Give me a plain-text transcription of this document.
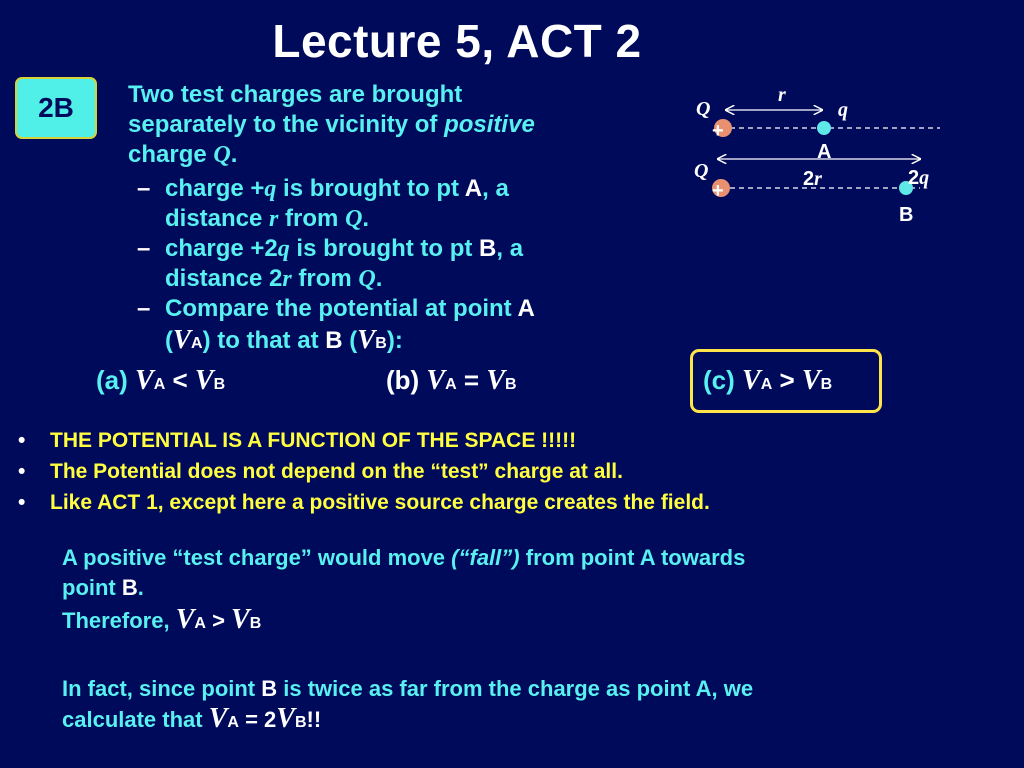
Lecture 5, ACT 2
2B	Two test charges are brought
separately to the vicinity of positive
charge Q.
– charge +q is brought to pt A, a
distance r from Q.
– charge +2q is brought to pt B, a
distance 2r from Q.
– Compare the potential at point A
(VA) to that at B (VB):
(a) VA < VB	(b) VA = VB	(c) VA > VB
r
Q	q
+
A
Q	2r	2q
+
B
• THE POTENTIAL IS A FUNCTION OF THE SPACE !!!!!
• The Potential does not depend on the “test” charge at all.
• Like ACT 1, except here a positive source charge creates the field.
A positive “test charge” would move (“fall”) from point A towards
point B.
Therefore, VA > VB
In fact, since point B is twice as far from the charge as point A, we
calculate that VA = 2VB!!
